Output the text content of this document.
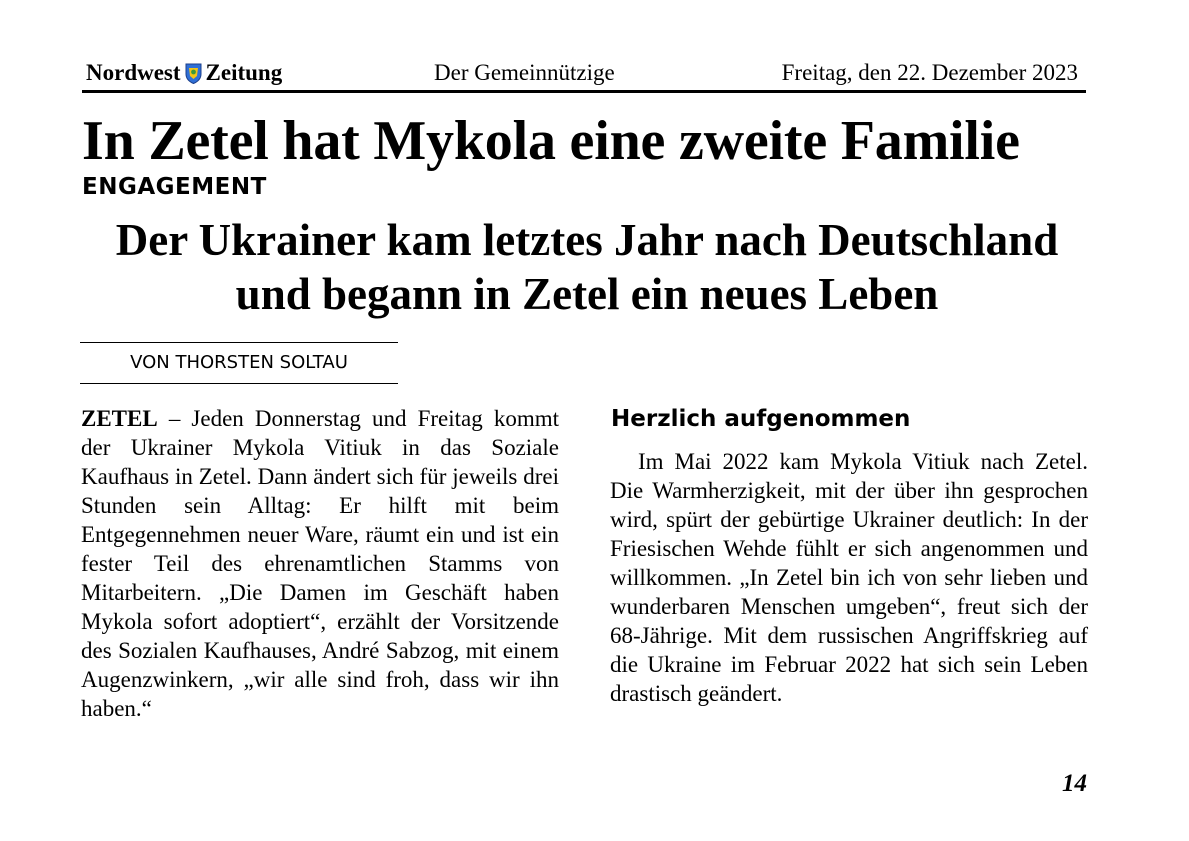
Nordwest Zeitung	Der Gemeinnützige	Freitag, den 22. Dezember 2023
In Zetel hat Mykola eine zweite Familie
ENGAGEMENT
Der Ukrainer kam letztes Jahr nach Deutschland
und begann in Zetel ein neues Leben
VON THORSTEN SOLTAU
ZETEL – Jeden Donnerstag und Freitag kommt der Ukrainer Mykola Vitiuk in das Soziale Kaufhaus in Zetel. Dann ändert sich für jeweils drei Stunden sein Alltag: Er hilft mit beim Entgegennehmen neuer Ware, räumt ein und ist ein fester Teil des ehrenamtlichen Stamms von Mitarbeitern. „Die Damen im Geschäft haben Mykola sofort adoptiert“, erzählt der Vorsitzende des Sozialen Kaufhauses, André Sabzog, mit einem Augenzwinkern, „wir alle sind froh, dass wir ihn haben.“
Herzlich aufgenommen
Im Mai 2022 kam Mykola Vitiuk nach Zetel. Die Warmherzigkeit, mit der über ihn gesprochen wird, spürt der gebürtige Ukrainer deutlich: In der Friesischen Wehde fühlt er sich angenommen und willkommen. „In Zetel bin ich von sehr lieben und wunderbaren Menschen umgeben“, freut sich der 68-Jährige. Mit dem russischen Angriffskrieg auf die Ukraine im Februar 2022 hat sich sein Leben drastisch geändert.
14
